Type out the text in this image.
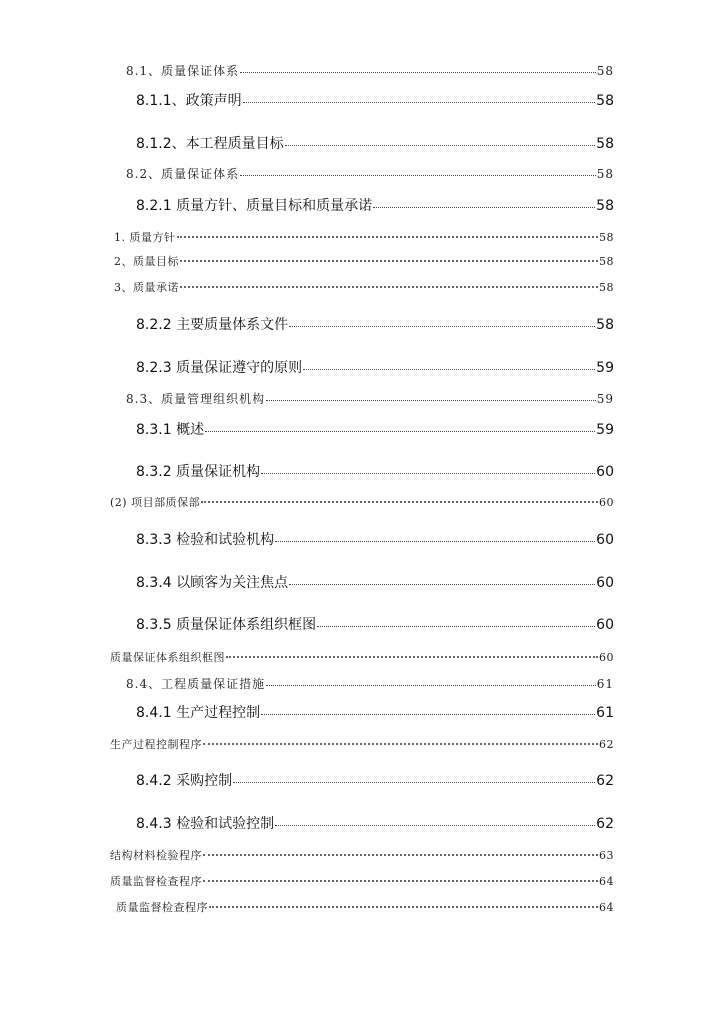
8.1、质量保证体系	58
8.1.1、政策声明	58
8.1.2、本工程质量目标	58
8.2、质量保证体系	58
8.2.1 质量方针、质量目标和质量承诺	58
1. 质量方针	58
2、质量目标	58
3、质量承诺	58
8.2.2 主要质量体系文件	58
8.2.3 质量保证遵守的原则	59
8.3、质量管理组织机构	59
8.3.1 概述	59
8.3.2 质量保证机构	60
(2) 项目部质保部	60
8.3.3 检验和试验机构	60
8.3.4 以顾客为关注焦点	60
8.3.5 质量保证体系组织框图	60
质量保证体系组织框图	60
8.4、工程质量保证措施	61
8.4.1 生产过程控制	61
生产过程控制程序	62
8.4.2 采购控制	62
8.4.3 检验和试验控制	62
结构材料检验程序	63
质量监督检查程序	64
质量监督检查程序	64
